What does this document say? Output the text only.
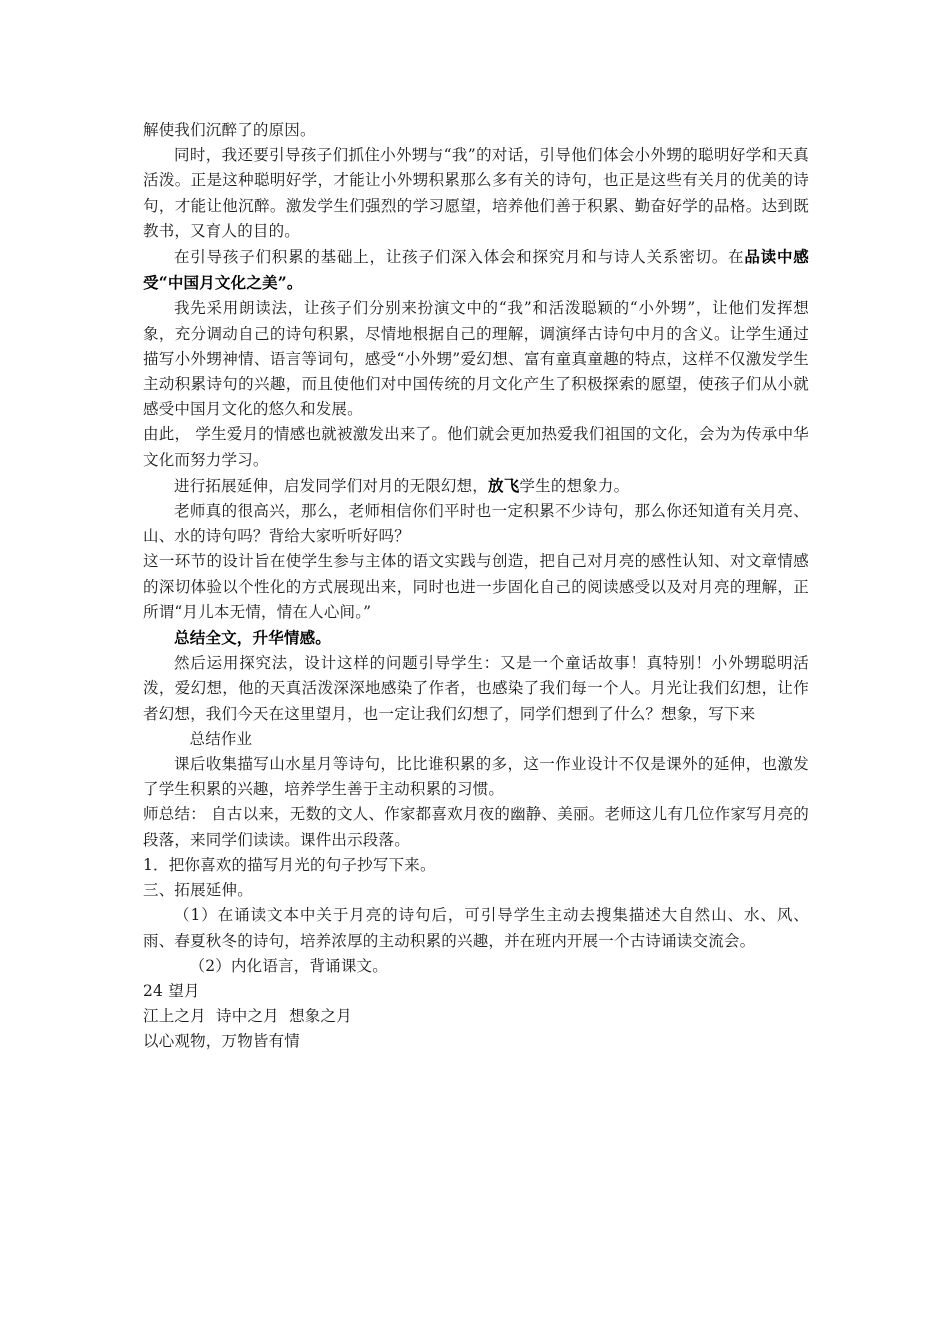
解使我们沉醉了的原因。

同时，我还要引导孩子们抓住小外甥与“我”的对话，引导他们体会小外甥的聪明好学和天真活泼。正是这种聪明好学，才能让小外甥积累那么多有关的诗句，也正是这些有关月的优美的诗句，才能让他沉醉。激发学生们强烈的学习愿望，培养他们善于积累、勤奋好学的品格。达到既教书，又育人的目的。

在引导孩子们积累的基础上，让孩子们深入体会和探究月和与诗人关系密切。在品读中感受“中国月文化之美”。

我先采用朗读法，让孩子们分别来扮演文中的“我”和活泼聪颖的“小外甥”，让他们发挥想象，充分调动自己的诗句积累，尽情地根据自己的理解，调演绎古诗句中月的含义。让学生通过描写小外甥神情、语言等词句，感受“小外甥”爱幻想、富有童真童趣的特点，这样不仅激发学生主动积累诗句的兴趣，而且使他们对中国传统的月文化产生了积极探索的愿望，使孩子们从小就感受中国月文化的悠久和发展。

由此， 学生爱月的情感也就被激发出来了。他们就会更加热爱我们祖国的文化，会为为传承中华文化而努力学习。

进行拓展延伸，启发同学们对月的无限幻想，放飞学生的想象力。

老师真的很高兴，那么，老师相信你们平时也一定积累不少诗句，那么你还知道有关月亮、山、水的诗句吗？背给大家听听好吗？

这一环节的设计旨在使学生参与主体的语文实践与创造，把自己对月亮的感性认知、对文章情感的深切体验以个性化的方式展现出来，同时也进一步固化自己的阅读感受以及对月亮的理解，正所谓“月儿本无情，情在人心间。”

总结全文，升华情感。

然后运用探究法，设计这样的问题引导学生：又是一个童话故事！真特别！小外甥聪明活泼，爱幻想，他的天真活泼深深地感染了作者，也感染了我们每一个人。月光让我们幻想，让作者幻想，我们今天在这里望月，也一定让我们幻想了，同学们想到了什么？想象，写下来

总结作业

课后收集描写山水星月等诗句，比比谁积累的多，这一作业设计不仅是课外的延伸，也激发了学生积累的兴趣，培养学生善于主动积累的习惯。

师总结： 自古以来，无数的文人、作家都喜欢月夜的幽静、美丽。老师这儿有几位作家写月亮的段落，来同学们读读。课件出示段落。

1．把你喜欢的描写月光的句子抄写下来。

三、拓展延伸。

（1）在诵读文本中关于月亮的诗句后，可引导学生主动去搜集描述大自然山、水、风、雨、春夏秋冬的诗句，培养浓厚的主动积累的兴趣，并在班内开展一个古诗诵读交流会。

（2）内化语言，背诵课文。

24 望月

江上之月  诗中之月  想象之月

以心观物，万物皆有情
